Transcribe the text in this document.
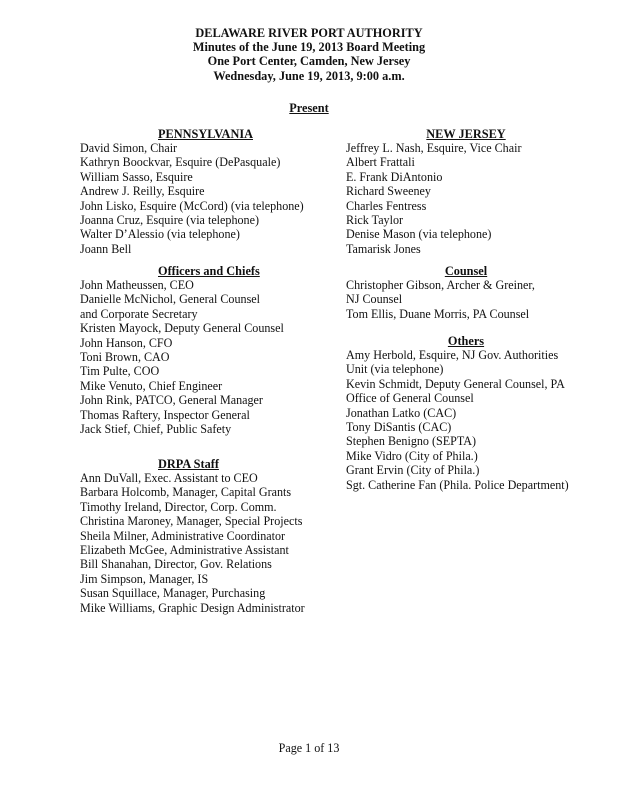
DELAWARE RIVER PORT AUTHORITY
Minutes of the June 19, 2013 Board Meeting
One Port Center, Camden, New Jersey
Wednesday, June 19, 2013, 9:00 a.m.
Present
PENNSYLVANIA
David Simon, Chair
Kathryn Boockvar, Esquire (DePasquale)
William Sasso, Esquire
Andrew J. Reilly, Esquire
John Lisko, Esquire (McCord) (via telephone)
Joanna Cruz, Esquire (via telephone)
Walter D’Alessio (via telephone)
Joann Bell
Officers and Chiefs
John Matheussen, CEO
Danielle McNichol, General Counsel
and Corporate Secretary
Kristen Mayock, Deputy General Counsel
John Hanson, CFO
Toni Brown, CAO
Tim Pulte, COO
Mike Venuto, Chief Engineer
John Rink, PATCO, General Manager
Thomas Raftery, Inspector General
Jack Stief, Chief, Public Safety
DRPA Staff
Ann DuVall, Exec. Assistant to CEO
Barbara Holcomb, Manager, Capital Grants
Timothy Ireland, Director, Corp. Comm.
Christina Maroney, Manager, Special Projects
Sheila Milner, Administrative Coordinator
Elizabeth McGee, Administrative Assistant
Bill Shanahan, Director, Gov. Relations
Jim Simpson, Manager, IS
Susan Squillace, Manager, Purchasing
Mike Williams, Graphic Design Administrator
NEW JERSEY
Jeffrey L. Nash, Esquire, Vice Chair
Albert Frattali
E. Frank DiAntonio
Richard Sweeney
Charles Fentress
Rick Taylor
Denise Mason (via telephone)
Tamarisk Jones
Counsel
Christopher Gibson, Archer & Greiner,
NJ Counsel
Tom Ellis, Duane Morris, PA Counsel
Others
Amy Herbold, Esquire, NJ Gov. Authorities
Unit (via telephone)
Kevin Schmidt, Deputy General Counsel, PA
Office of General Counsel
Jonathan Latko (CAC)
Tony DiSantis (CAC)
Stephen Benigno (SEPTA)
Mike Vidro (City of Phila.)
Grant Ervin (City of Phila.)
Sgt. Catherine Fan (Phila. Police Department)
Page 1 of 13
